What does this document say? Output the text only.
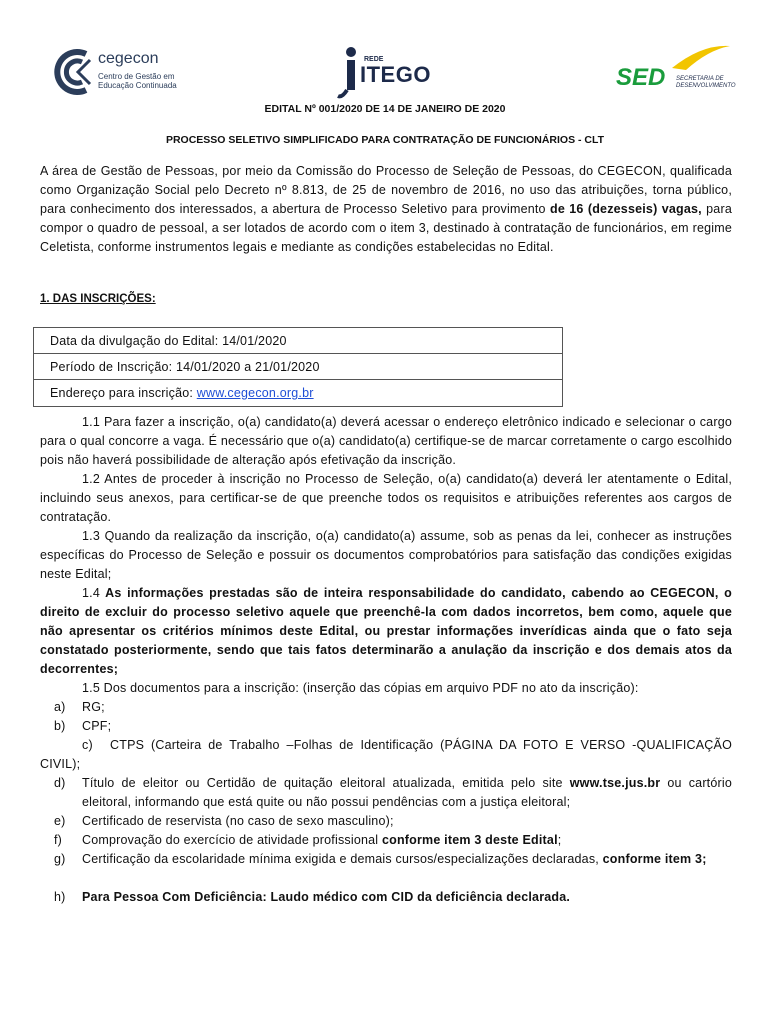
cegecon
Centro de Gestão em Educação Continuada
REDE
ITEGO	SED SECRETARIA DE DESENVOLVIMENTO
EDITAL Nº 001/2020 DE 14 DE JANEIRO DE 2020
PROCESSO SELETIVO SIMPLIFICADO PARA CONTRATAÇÃO DE FUNCIONÁRIOS - CLT
A área de Gestão de Pessoas, por meio da Comissão do Processo de Seleção de Pessoas, do CEGECON, qualificada como Organização Social pelo Decreto nº 8.813, de 25 de novembro de 2016, no uso das atribuições, torna público, para conhecimento dos interessados, a abertura de Processo Seletivo para provimento de 16 (dezesseis) vagas, para compor o quadro de pessoal, a ser lotados de acordo com o item 3, destinado à contratação de funcionários, em regime Celetista, conforme instrumentos legais e mediante as condições estabelecidas no Edital.
1. DAS INSCRIÇÕES:
Data da divulgação do Edital: 14/01/2020
Período de Inscrição: 14/01/2020 a 21/01/2020
Endereço para inscrição: www.cegecon.org.br
1.1 Para fazer a inscrição, o(a) candidato(a) deverá acessar o endereço eletrônico indicado e selecionar o cargo para o qual concorre a vaga. É necessário que o(a) candidato(a) certifique-se de marcar corretamente o cargo escolhido pois não haverá possibilidade de alteração após efetivação da inscrição.
1.2 Antes de proceder à inscrição no Processo de Seleção, o(a) candidato(a) deverá ler atentamente o Edital, incluindo seus anexos, para certificar-se de que preenche todos os requisitos e atribuições referentes aos cargos de contratação.
1.3 Quando da realização da inscrição, o(a) candidato(a) assume, sob as penas da lei, conhecer as instruções específicas do Processo de Seleção e possuir os documentos comprobatórios para satisfação das condições exigidas neste Edital;
1.4 As informações prestadas são de inteira responsabilidade do candidato, cabendo ao CEGECON, o direito de excluir do processo seletivo aquele que preenchê-la com dados incorretos, bem como, aquele que não apresentar os critérios mínimos deste Edital, ou prestar informações inverídicas ainda que o fato seja constatado posteriormente, sendo que tais fatos determinarão a anulação da inscrição e dos demais atos da decorrentes;
1.5 Dos documentos para a inscrição: (inserção das cópias em arquivo PDF no ato da inscrição):
a) RG;
b) CPF;
c) CTPS (Carteira de Trabalho –Folhas de Identificação (PÁGINA DA FOTO E VERSO -QUALIFICAÇÃO CIVIL);
d) Título de eleitor ou Certidão de quitação eleitoral atualizada, emitida pelo site www.tse.jus.br ou cartório eleitoral, informando que está quite ou não possui pendências com a justiça eleitoral;
e) Certificado de reservista (no caso de sexo masculino);
f) Comprovação do exercício de atividade profissional conforme item 3 deste Edital;
g) Certificação da escolaridade mínima exigida e demais cursos/especializações declaradas, conforme item 3;
h) Para Pessoa Com Deficiência: Laudo médico com CID da deficiência declarada.
